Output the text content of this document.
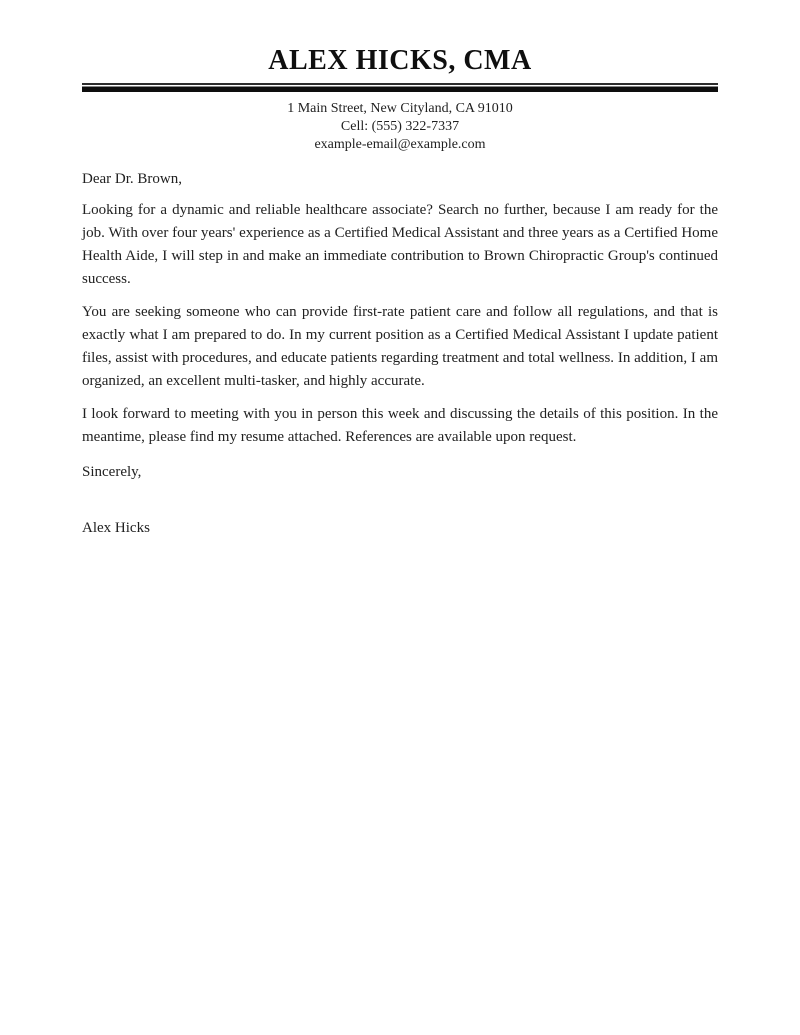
ALEX HICKS, CMA
1 Main Street, New Cityland, CA 91010
Cell: (555) 322-7337
example-email@example.com

Dear Dr. Brown,

Looking for a dynamic and reliable healthcare associate? Search no further, because I am ready for the job. With over four years' experience as a Certified Medical Assistant and three years as a Certified Home Health Aide, I will step in and make an immediate contribution to Brown Chiropractic Group's continued success.

You are seeking someone who can provide first-rate patient care and follow all regulations, and that is exactly what I am prepared to do. In my current position as a Certified Medical Assistant I update patient files, assist with procedures, and educate patients regarding treatment and total wellness. In addition, I am organized, an excellent multi-tasker, and highly accurate.

I look forward to meeting with you in person this week and discussing the details of this position. In the meantime, please find my resume attached. References are available upon request.

Sincerely,

Alex Hicks
